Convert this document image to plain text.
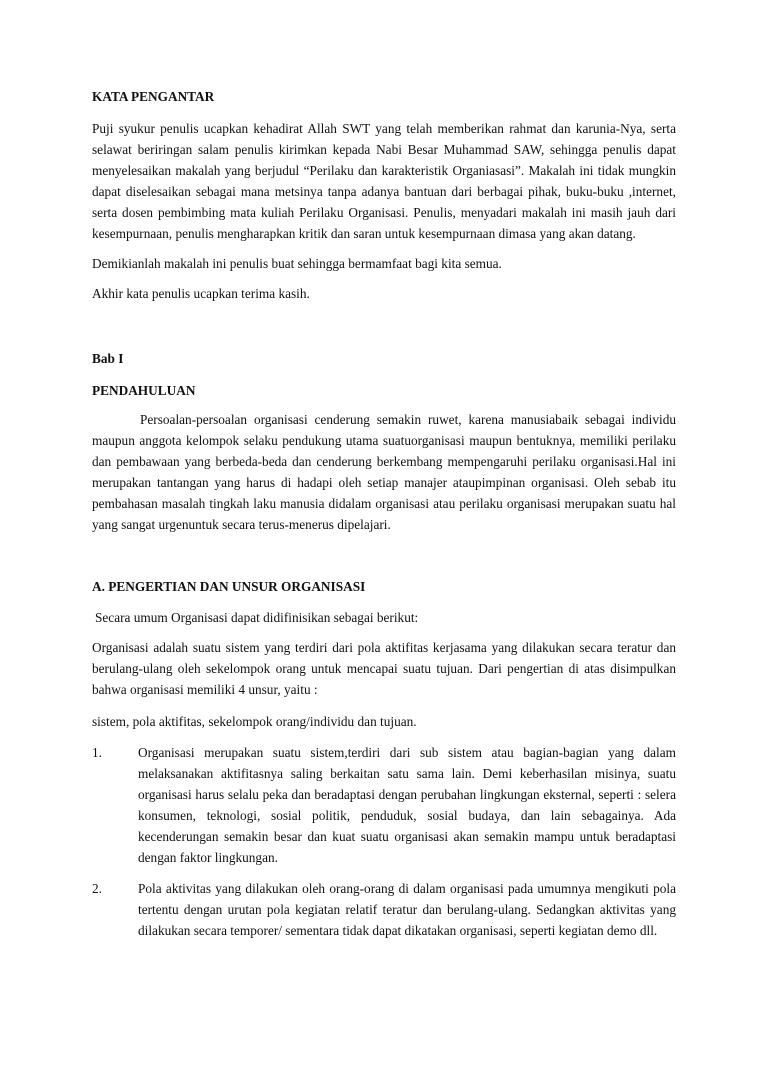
KATA PENGANTAR

Puji syukur penulis ucapkan kehadirat Allah SWT yang telah memberikan rahmat dan karunia-Nya, serta selawat beriringan salam penulis kirimkan kepada Nabi Besar Muhammad SAW, sehingga penulis dapat menyelesaikan makalah yang berjudul “Perilaku dan karakteristik Organiasasi”. Makalah ini tidak mungkin dapat diselesaikan sebagai mana metsinya tanpa adanya bantuan dari berbagai pihak, buku-buku ,internet, serta dosen pembimbing mata kuliah Perilaku Organisasi. Penulis, menyadari makalah ini masih jauh dari kesempurnaan, penulis mengharapkan kritik dan saran untuk kesempurnaan dimasa yang akan datang.

Demikianlah makalah ini penulis buat sehingga bermamfaat bagi kita semua.

Akhir kata penulis ucapkan terima kasih.

Bab I

PENDAHULUAN

Persoalan-persoalan organisasi cenderung semakin ruwet, karena manusiabaik sebagai individu maupun anggota kelompok selaku pendukung utama suatuorganisasi maupun bentuknya, memiliki perilaku dan pembawaan yang berbeda-beda dan cenderung berkembang mempengaruhi perilaku organisasi.Hal ini merupakan tantangan yang harus di hadapi oleh setiap manajer ataupimpinan organisasi. Oleh sebab itu pembahasan masalah tingkah laku manusia didalam organisasi atau perilaku organisasi merupakan suatu hal yang sangat urgenuntuk secara terus-menerus dipelajari.

A. PENGERTIAN DAN UNSUR ORGANISASI

Secara umum Organisasi dapat didifinisikan sebagai berikut:

Organisasi adalah suatu sistem yang terdiri dari pola aktifitas kerjasama yang dilakukan secara teratur dan berulang-ulang oleh sekelompok orang untuk mencapai suatu tujuan. Dari pengertian di atas disimpulkan bahwa organisasi memiliki 4 unsur, yaitu :

sistem, pola aktifitas, sekelompok orang/individu dan tujuan.

1.	Organisasi merupakan suatu sistem,terdiri dari sub sistem atau bagian-bagian yang dalam melaksanakan aktifitasnya saling berkaitan satu sama lain. Demi keberhasilan misinya, suatu organisasi harus selalu peka dan beradaptasi dengan perubahan lingkungan eksternal, seperti : selera konsumen, teknologi, sosial politik, penduduk, sosial budaya, dan lain sebagainya. Ada kecenderungan semakin besar dan kuat suatu organisasi akan semakin mampu untuk beradaptasi dengan faktor lingkungan.
2.	Pola aktivitas yang dilakukan oleh orang-orang di dalam organisasi pada umumnya mengikuti pola tertentu dengan urutan pola kegiatan relatif teratur dan berulang-ulang. Sedangkan aktivitas yang dilakukan secara temporer/ sementara tidak dapat dikatakan organisasi, seperti kegiatan demo dll.
